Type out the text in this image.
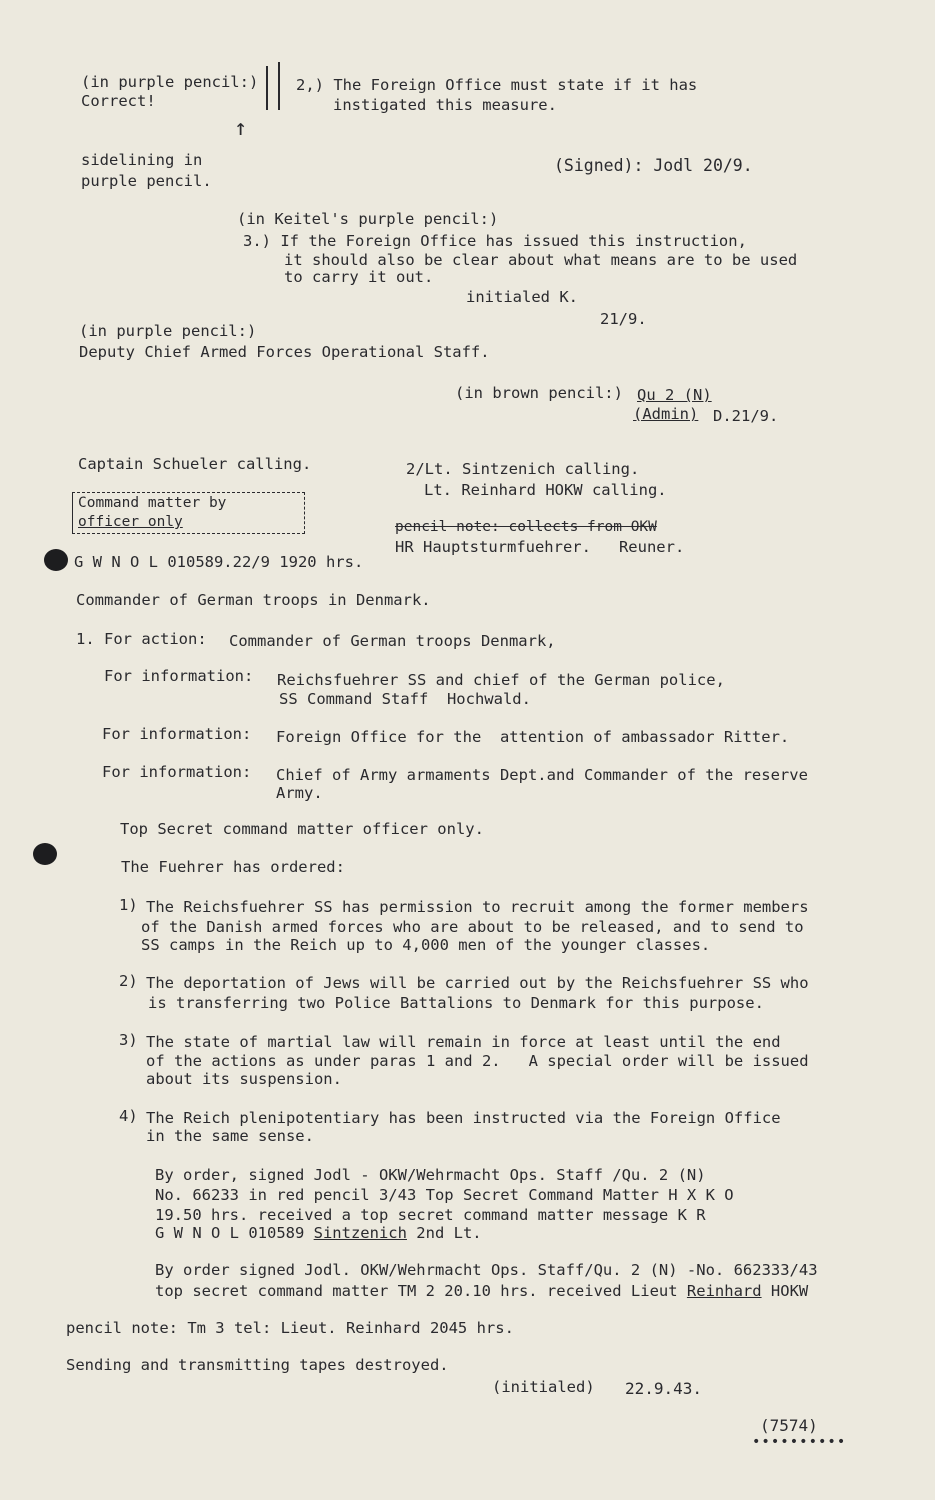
(in purple pencil:)
Correct!
2,) The Foreign Office must state if it has
instigated this measure.
↑
sidelining in
purple pencil.
(Signed): Jodl 20/9.
(in Keitel's purple pencil:)
3.) If the Foreign Office has issued this instruction,
it should also be clear about what means are to be used
to carry it out.
initialed K.
21/9.
(in purple pencil:)
Deputy Chief Armed Forces Operational Staff.
(in brown pencil:) Qu 2 (N)
(Admin) D.21/9.
Captain Schueler calling.
Command matter by
officer only
2/Lt. Sintzenich calling.
Lt. Reinhard HOKW calling.
pencil note: collects from OKW
HR Hauptsturmfuehrer.   Reuner.
G W N O L 010589.22/9 1920 hrs.
Commander of German troops in Denmark.
1. For action: Commander of German troops Denmark,
For information: Reichsfuehrer SS and chief of the German police,
SS Command Staff  Hochwald.
For information: Foreign Office for the  attention of ambassador Ritter.
For information: Chief of Army armaments Dept.and Commander of the reserve
Army.
Top Secret command matter officer only.
The Fuehrer has ordered:
1) The Reichsfuehrer SS has permission to recruit among the former members
of the Danish armed forces who are about to be released, and to send to
SS camps in the Reich up to 4,000 men of the younger classes.
2) The deportation of Jews will be carried out by the Reichsfuehrer SS who
is transferring two Police Battalions to Denmark for this purpose.
3) The state of martial law will remain in force at least until the end
of the actions as under paras 1 and 2.   A special order will be issued
about its suspension.
4) The Reich plenipotentiary has been instructed via the Foreign Office
in the same sense.
By order, signed Jodl - OKW/Wehrmacht Ops. Staff /Qu. 2 (N)
No. 66233 in red pencil 3/43 Top Secret Command Matter H X K O
19.50 hrs. received a top secret command matter message K R
G W N O L 010589 Sintzenich 2nd Lt.
By order signed Jodl. OKW/Wehrmacht Ops. Staff/Qu. 2 (N) -No. 662333/43
top secret command matter TM 2 20.10 hrs. received Lieut Reinhard HOKW
pencil note: Tm 3 tel: Lieut. Reinhard 2045 hrs.
Sending and transmitting tapes destroyed.
(initialed) 22.9.43.
(7574)
••••••••••
